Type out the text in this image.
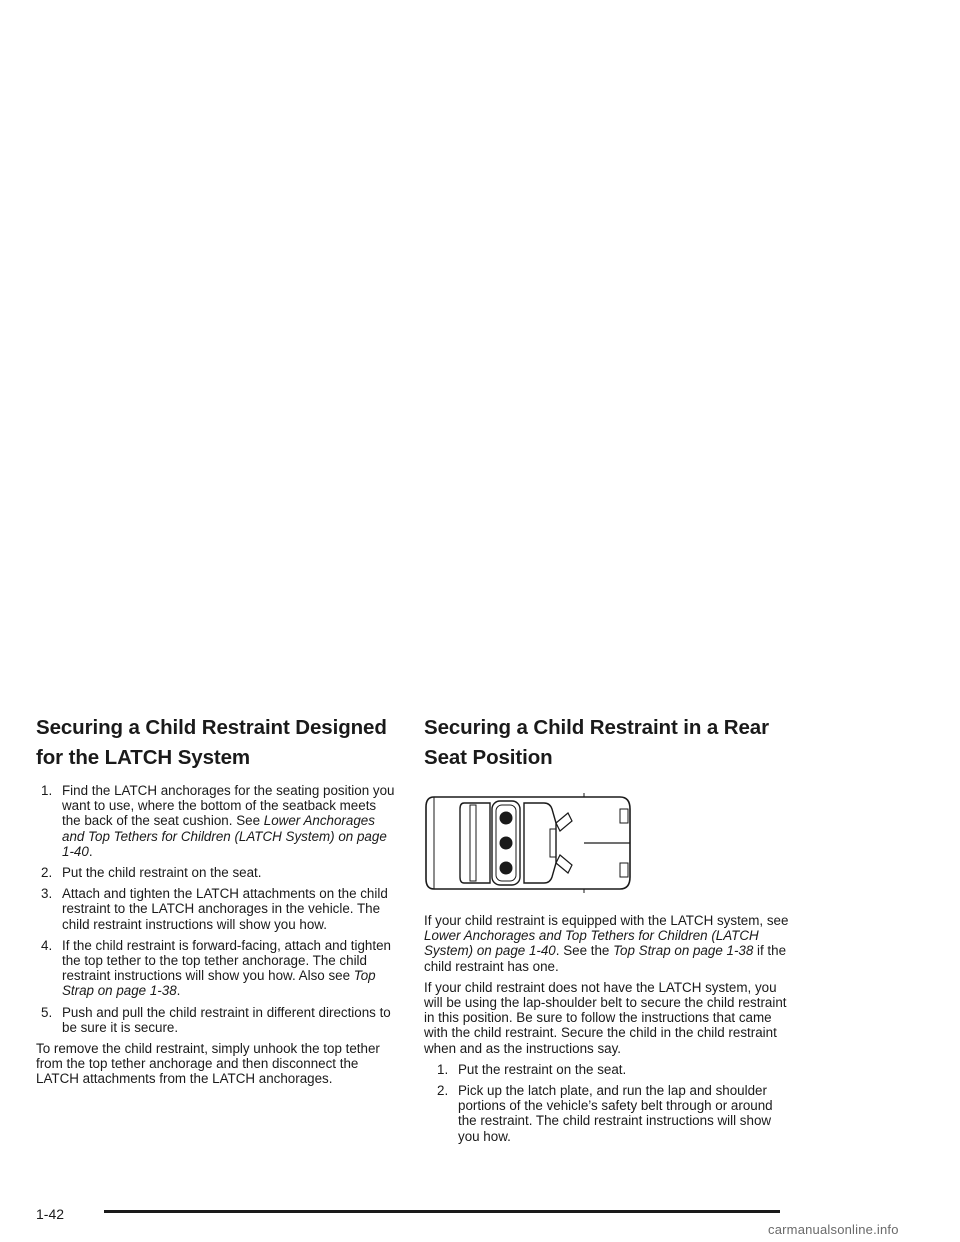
Securing a Child Restraint Designed for the LATCH System
1. Find the LATCH anchorages for the seating position you want to use, where the bottom of the seatback meets the back of the seat cushion. See Lower Anchorages and Top Tethers for Children (LATCH System) on page 1-40.
2. Put the child restraint on the seat.
3. Attach and tighten the LATCH attachments on the child restraint to the LATCH anchorages in the vehicle. The child restraint instructions will show you how.
4. If the child restraint is forward-facing, attach and tighten the top tether to the top tether anchorage. The child restraint instructions will show you how. Also see Top Strap on page 1-38.
5. Push and pull the child restraint in different directions to be sure it is secure.

To remove the child restraint, simply unhook the top tether from the top tether anchorage and then disconnect the LATCH attachments from the LATCH anchorages.

Securing a Child Restraint in a Rear Seat Position

If your child restraint is equipped with the LATCH system, see Lower Anchorages and Top Tethers for Children (LATCH System) on page 1-40. See the Top Strap on page 1-38 if the child restraint has one.

If your child restraint does not have the LATCH system, you will be using the lap-shoulder belt to secure the child restraint in this position. Be sure to follow the instructions that came with the child restraint. Secure the child in the child restraint when and as the instructions say.

1. Put the restraint on the seat.
2. Pick up the latch plate, and run the lap and shoulder portions of the vehicle’s safety belt through or around the restraint. The child restraint instructions will show you how.
1-42
carmanualsonline.info
